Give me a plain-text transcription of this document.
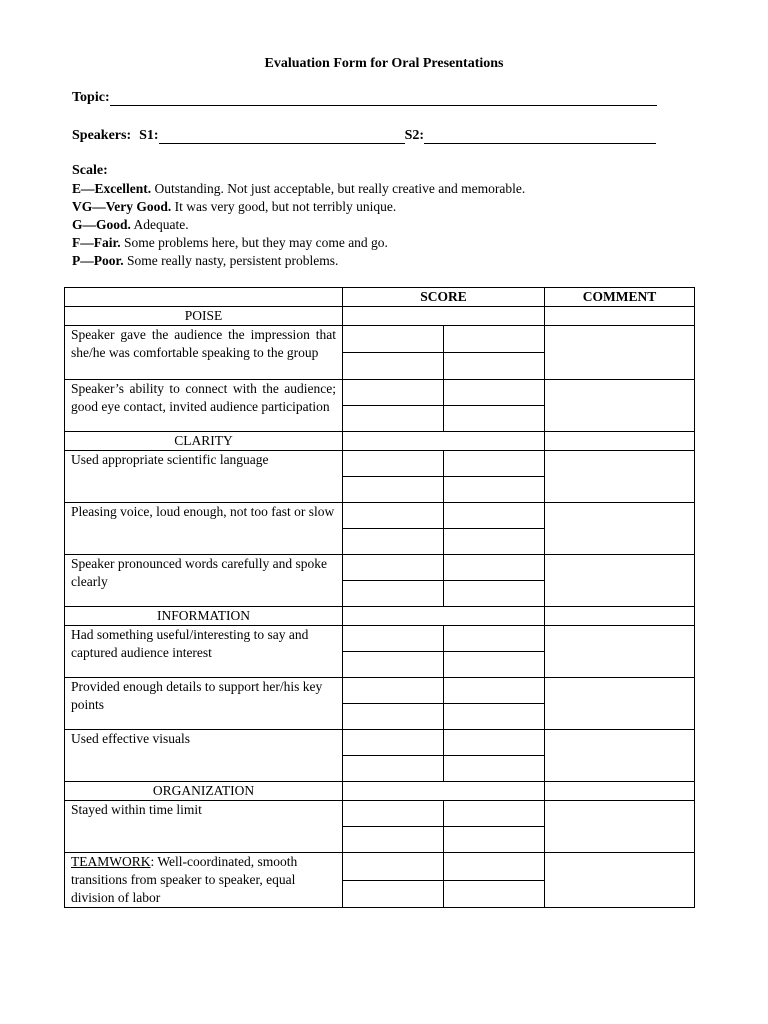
Evaluation Form for Oral Presentations
Topic:
Speakers: S1:	S2:
Scale:
E—Excellent. Outstanding. Not just acceptable, but really creative and memorable.
VG—Very Good. It was very good, but not terribly unique.
G—Good. Adequate.
F—Fair. Some problems here, but they may come and go.
P—Poor. Some really nasty, persistent problems.
	SCORE		COMMENT
POISE			
Speaker gave the audience the impression that she/he was comfortable speaking to the group			

Speaker’s ability to connect with the audience; good eye contact, invited audience participation			

CLARITY			
Used appropriate scientific language			

Pleasing voice, loud enough, not too fast or slow			

Speaker pronounced words carefully and spoke clearly			

INFORMATION			
Had something useful/interesting to say and captured audience interest			

Provided enough details to support her/his key points			

Used effective visuals			

ORGANIZATION			
Stayed within time limit			

TEAMWORK: Well-coordinated, smooth transitions from speaker to speaker, equal division of labor			
